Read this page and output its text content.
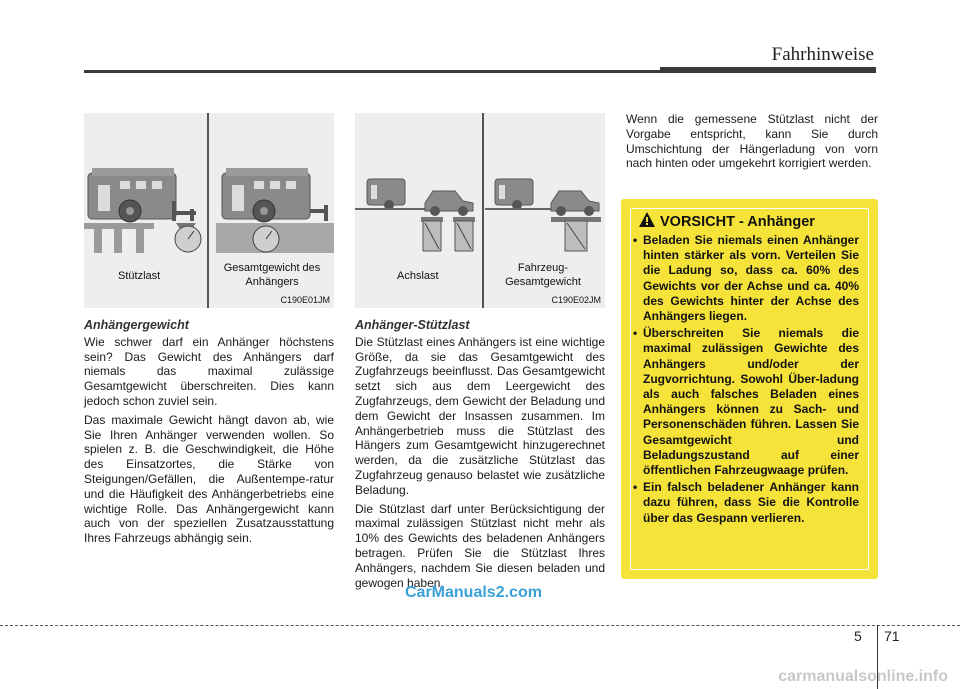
Fahrhinweise
Stützlast
Gesamtgewicht des
Anhängers
C190E01JM
Achslast
Fahrzeug-
Gesamtgewicht
C190E02JM
Anhängergewicht

Wie schwer darf ein Anhänger höchstens sein? Das Gewicht des Anhängers darf niemals das maximal zulässige Gesamtgewicht überschreiten. Dies kann jedoch schon zuviel sein.

Das maximale Gewicht hängt davon ab, wie Sie Ihren Anhänger verwenden wollen. So spielen z. B. die Geschwindigkeit, die Höhe des Einsatzortes, die Stärke von Steigungen/Gefällen, die Außentempe-ratur und die Häufigkeit des Anhängerbetriebs eine wichtige Rolle. Das Anhängergewicht kann auch von der speziellen Zusatzausstattung Ihres Fahrzeugs abhängig sein.

Anhänger-Stützlast

Die Stützlast eines Anhängers ist eine wichtige Größe, da sie das Gesamtgewicht des Zugfahrzeugs beeinflusst. Das Gesamtgewicht setzt sich aus dem Leergewicht des Zugfahrzeugs, dem Gewicht der Beladung und dem Gewicht der Insassen zusammen. Im Anhängerbetrieb muss die Stützlast des Hängers zum Gesamtgewicht hinzugerechnet werden, da die zusätzliche Stützlast das Zugfahrzeug genauso belastet wie zusätzliche Beladung.

Die Stützlast darf unter Berücksichtigung der maximal zulässigen Stützlast nicht mehr als 10% des Gewichts des beladenen Anhängers betragen. Prüfen Sie die Stützlast Ihres Anhängers, nachdem Sie diesen beladen und gewogen haben.

Wenn die gemessene Stützlast nicht der Vorgabe entspricht, kann Sie durch Umschichtung der Hängerladung von vorn nach hinten oder umgekehrt korrigiert werden.

VORSICHT - Anhänger
• Beladen Sie niemals einen Anhänger hinten stärker als vorn. Verteilen Sie die Ladung so, dass ca. 60% des Gewichts vor der Achse und ca. 40% des Gewichts hinter der Achse des Anhängers liegen.
• Überschreiten Sie niemals die maximal zulässigen Gewichte des Anhängers und/oder der Zugvorrichtung. Sowohl Über-ladung als auch falsches Beladen eines Anhängers können zu Sach- und Personenschäden führen. Lassen Sie Gesamtgewicht und Beladungszustand auf einer öffentlichen Fahrzeugwaage prüfen.
• Ein falsch beladener Anhänger kann dazu führen, dass Sie die Kontrolle über das Gespann verlieren.
CarManuals2.com
5 71
carmanualsonline.info
